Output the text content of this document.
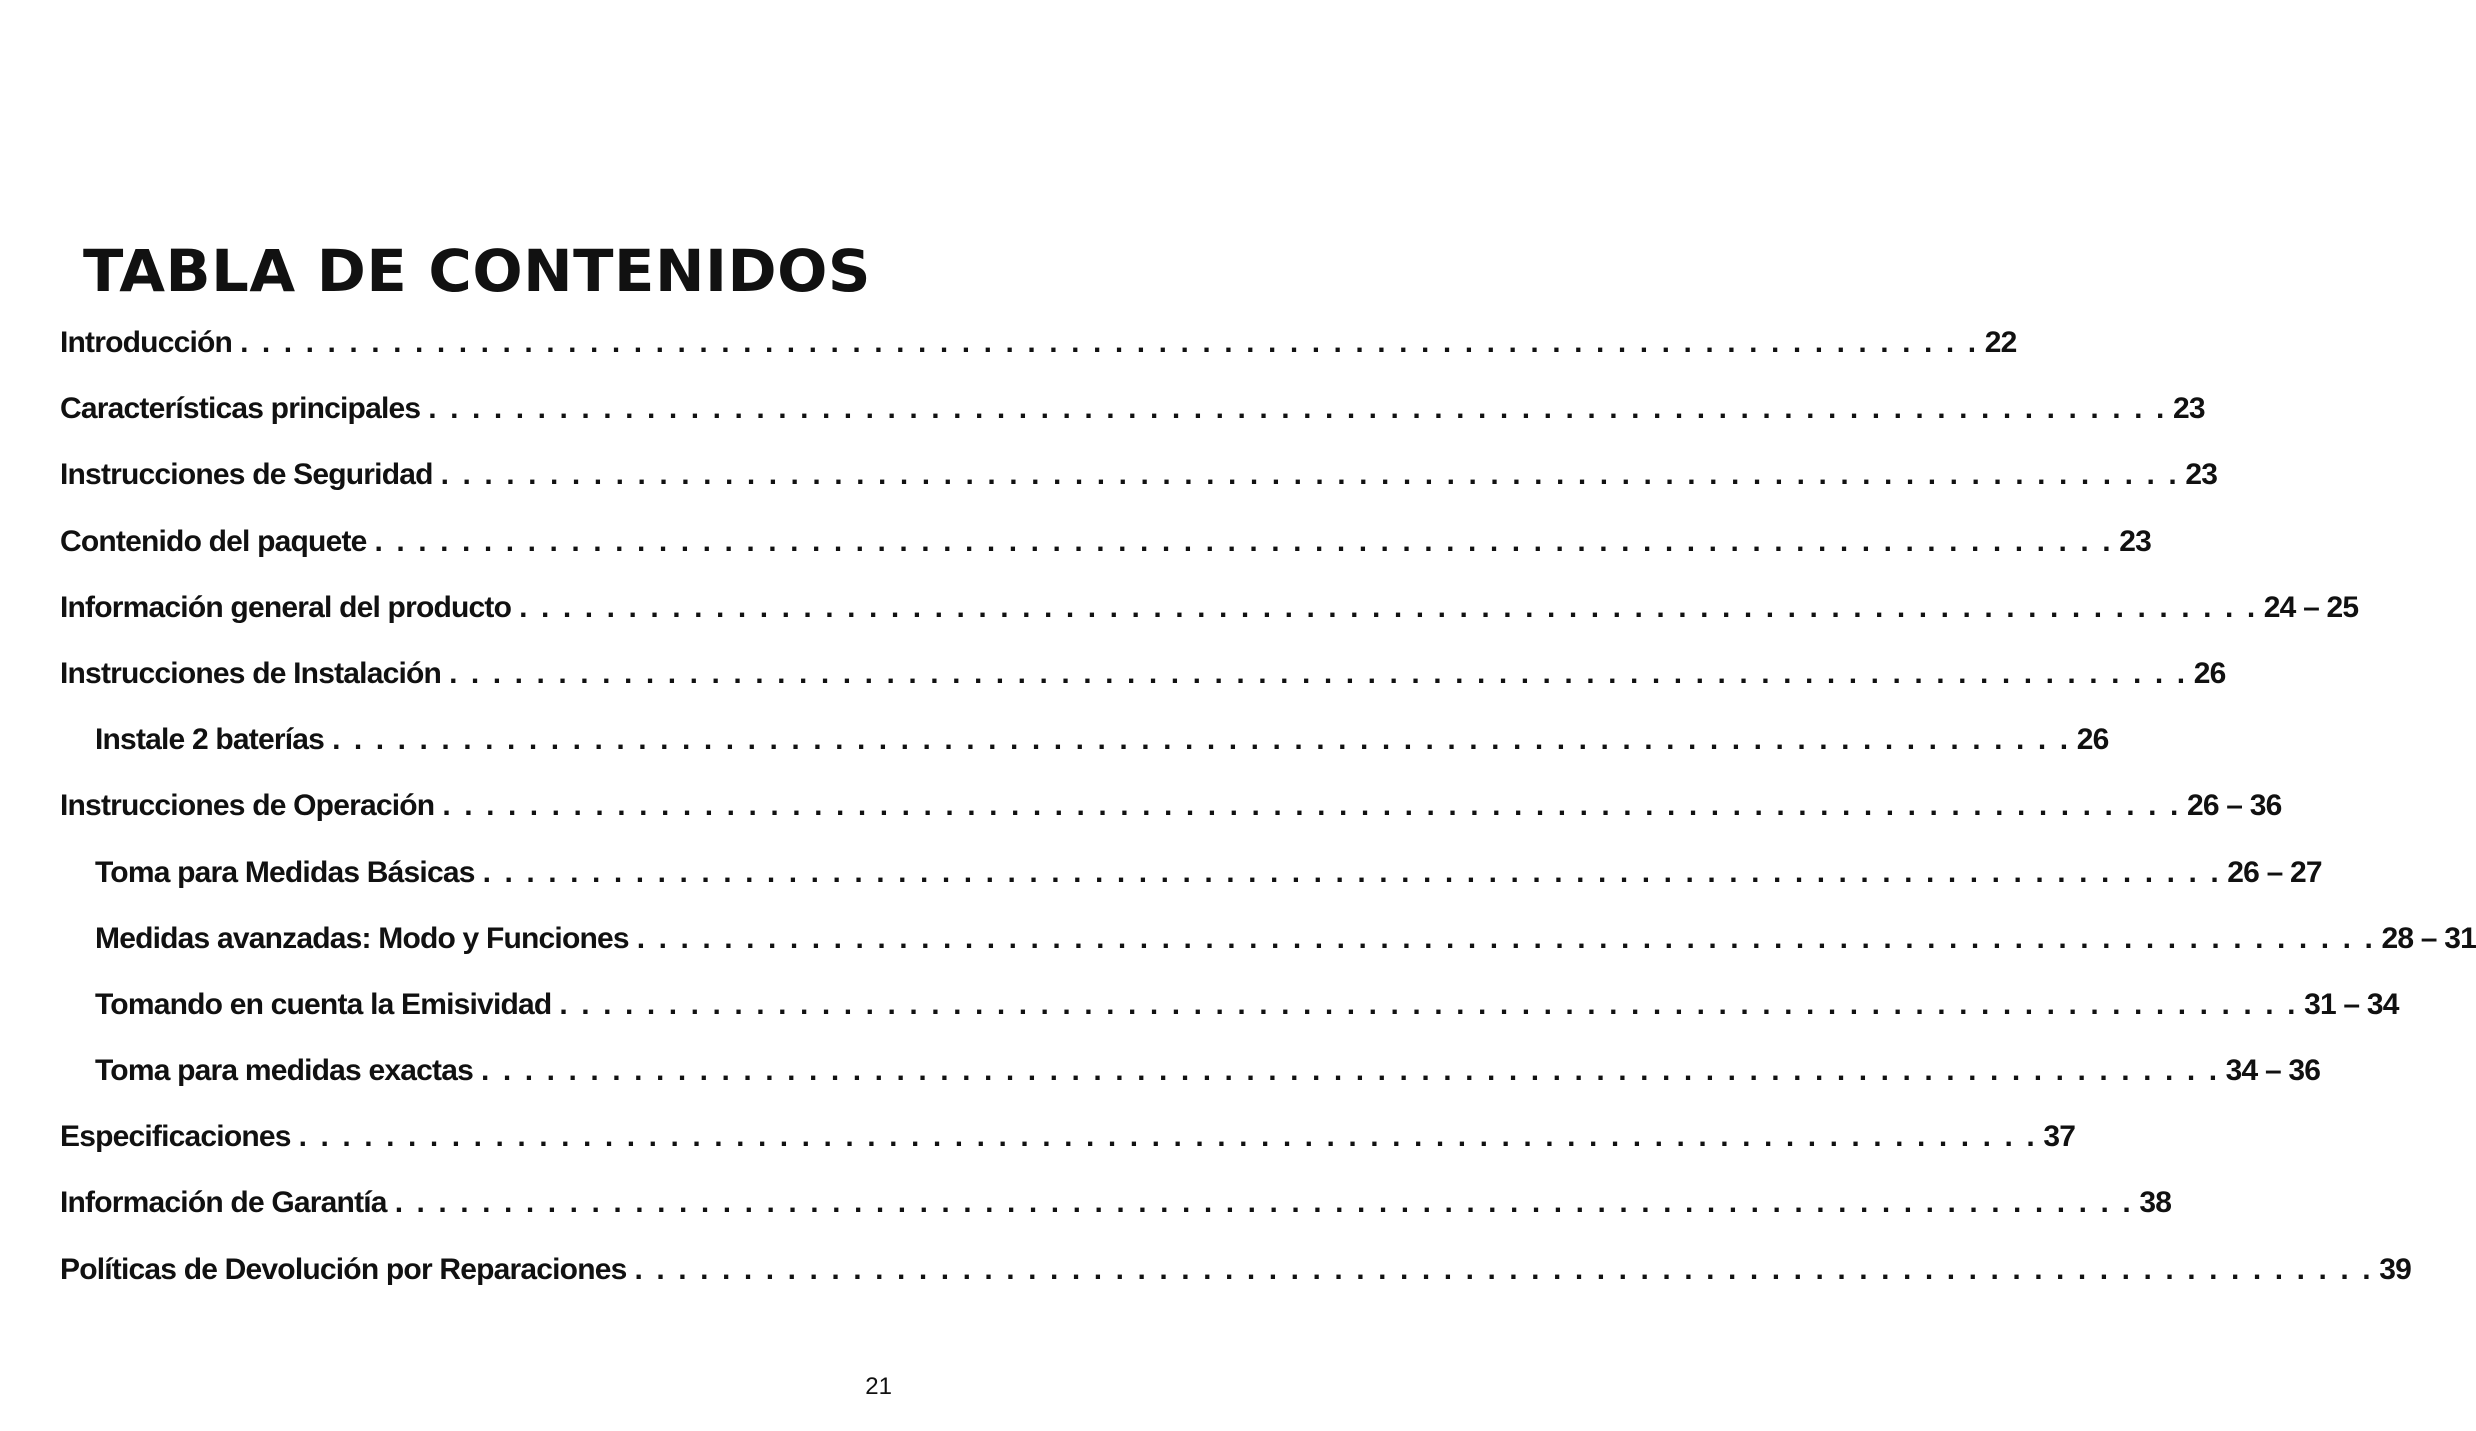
TABLA DE CONTENIDOS
Introducción . . . . . . . . . . . . . . . . . . . . . . . . . . . . . . . . . . . . . . . . . . . . . . . . . . . . . . . . . . . . . . . . . . . . . . . . . . . . . . . . 22
Características principales . . . . . . . . . . . . . . . . . . . . . . . . . . . . . . . . . . . . . . . . . . . . . . . . . . . . . . . . . . . . . . . . . . . . . . . . . . . . . . . . 23
Instrucciones de Seguridad . . . . . . . . . . . . . . . . . . . . . . . . . . . . . . . . . . . . . . . . . . . . . . . . . . . . . . . . . . . . . . . . . . . . . . . . . . . . . . . . 23
Contenido del paquete . . . . . . . . . . . . . . . . . . . . . . . . . . . . . . . . . . . . . . . . . . . . . . . . . . . . . . . . . . . . . . . . . . . . . . . . . . . . . . . . 23
Información general del producto . . . . . . . . . . . . . . . . . . . . . . . . . . . . . . . . . . . . . . . . . . . . . . . . . . . . . . . . . . . . . . . . . . . . . . . . . . . . . . . . 24 – 25
Instrucciones de Instalación . . . . . . . . . . . . . . . . . . . . . . . . . . . . . . . . . . . . . . . . . . . . . . . . . . . . . . . . . . . . . . . . . . . . . . . . . . . . . . . . 26
Instale 2 baterías . . . . . . . . . . . . . . . . . . . . . . . . . . . . . . . . . . . . . . . . . . . . . . . . . . . . . . . . . . . . . . . . . . . . . . . . . . . . . . . . 26
Instrucciones de Operación . . . . . . . . . . . . . . . . . . . . . . . . . . . . . . . . . . . . . . . . . . . . . . . . . . . . . . . . . . . . . . . . . . . . . . . . . . . . . . . . 26 – 36
Toma para Medidas Básicas . . . . . . . . . . . . . . . . . . . . . . . . . . . . . . . . . . . . . . . . . . . . . . . . . . . . . . . . . . . . . . . . . . . . . . . . . . . . . . . . 26 – 27
Medidas avanzadas: Modo y Funciones . . . . . . . . . . . . . . . . . . . . . . . . . . . . . . . . . . . . . . . . . . . . . . . . . . . . . . . . . . . . . . . . . . . . . . . . . . . . . . . . 28 – 31
Tomando en cuenta la Emisividad . . . . . . . . . . . . . . . . . . . . . . . . . . . . . . . . . . . . . . . . . . . . . . . . . . . . . . . . . . . . . . . . . . . . . . . . . . . . . . . . 31 – 34
Toma para medidas exactas . . . . . . . . . . . . . . . . . . . . . . . . . . . . . . . . . . . . . . . . . . . . . . . . . . . . . . . . . . . . . . . . . . . . . . . . . . . . . . . . 34 – 36
Especificaciones . . . . . . . . . . . . . . . . . . . . . . . . . . . . . . . . . . . . . . . . . . . . . . . . . . . . . . . . . . . . . . . . . . . . . . . . . . . . . . . . 37
Información de Garantía . . . . . . . . . . . . . . . . . . . . . . . . . . . . . . . . . . . . . . . . . . . . . . . . . . . . . . . . . . . . . . . . . . . . . . . . . . . . . . . . 38
Políticas de Devolución por Reparaciones . . . . . . . . . . . . . . . . . . . . . . . . . . . . . . . . . . . . . . . . . . . . . . . . . . . . . . . . . . . . . . . . . . . . . . . . . . . . . . . . 39

21
